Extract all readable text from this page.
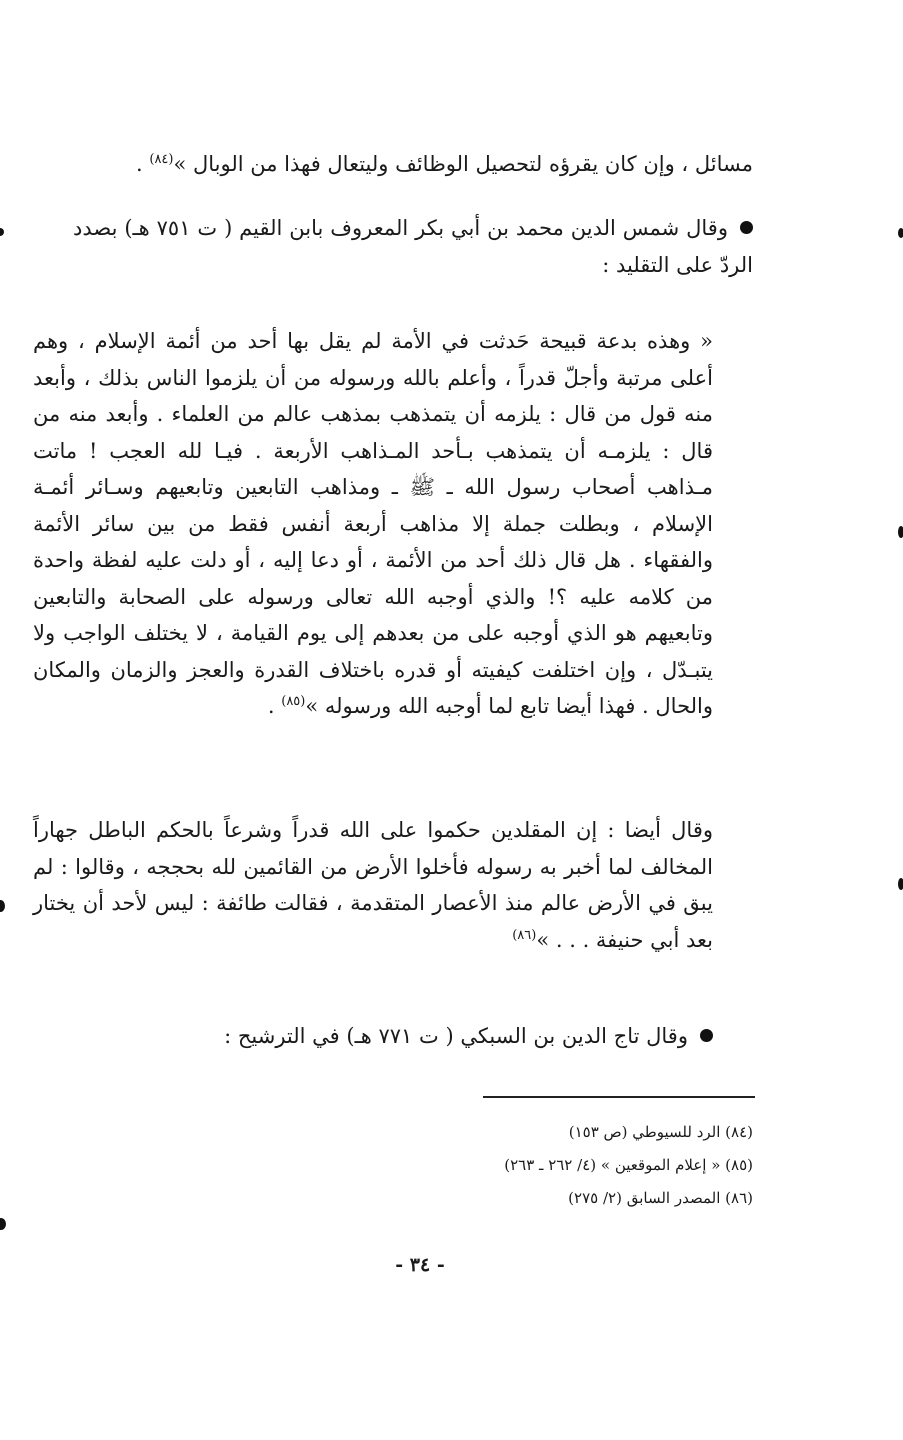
مسائل ، وإن كان يقرؤه لتحصيل الوظائف وليتعال فهذا من الوبال »$^{(٨٤)}$ .
وقال شمس الدين محمد بن أبي بكر المعروف بابن القيم ( ت ٧٥١ هـ) بصدد الردّ على التقليد :
« وهذه بدعة قبيحة حَدثت في الأمة لم يقل بها أحد من أئمة الإسلام ، وهم أعلى مرتبة وأجلّ قدراً ، وأعلم بالله ورسوله من أن يلزموا الناس بذلك ، وأبعد منه قول من قال : يلزمه أن يتمذهب بمذهب عالم من العلماء . وأبعد منه من قال : يلزمـه أن يتمذهب بـأحد المـذاهب الأربعة . فيـا لله العجب ! ماتت مـذاهب أصحاب رسول الله ـ ﷺ ـ ومذاهب التابعين وتابعيهم وسـائر أئمـة الإسلام ، وبطلت جملة إلا مذاهب أربعة أنفس فقط من بين سائر الأئمة والفقهاء . هل قال ذلك أحد من الأئمة ، أو دعا إليه ، أو دلت عليه لفظة واحدة من كلامه عليه ؟! والذي أوجبه الله تعالى ورسوله على الصحابة والتابعين وتابعيهم هو الذي أوجبه على من بعدهم إلى يوم القيامة ، لا يختلف الواجب ولا يتبـدّل ، وإن اختلفت كيفيته أو قدره باختلاف القدرة والعجز والزمان والمكان والحال . فهذا أيضا تابع لما أوجبه الله ورسوله »$^{(٨٥)}$ .
وقال أيضا : إن المقلدين حكموا على الله قدراً وشرعاً بالحكم الباطل جهاراً المخالف لما أخبر به رسوله فأخلوا الأرض من القائمين لله بحججه ، وقالوا : لم يبق في الأرض عالم منذ الأعصار المتقدمة ، فقالت طائفة : ليس لأحد أن يختار بعد أبي حنيفة . . . »$^{(٨٦)}$
وقال تاج الدين بن السبكي ( ت ٧٧١ هـ) في الترشيح :
(٨٤) الرد للسيوطي (ص ١٥٣)
(٨٥) « إعلام الموقعين » (٤/ ٢٦٢ ـ ٢٦٣)
(٨٦) المصدر السابق (٢/ ٢٧٥)
- ٣٤ -
